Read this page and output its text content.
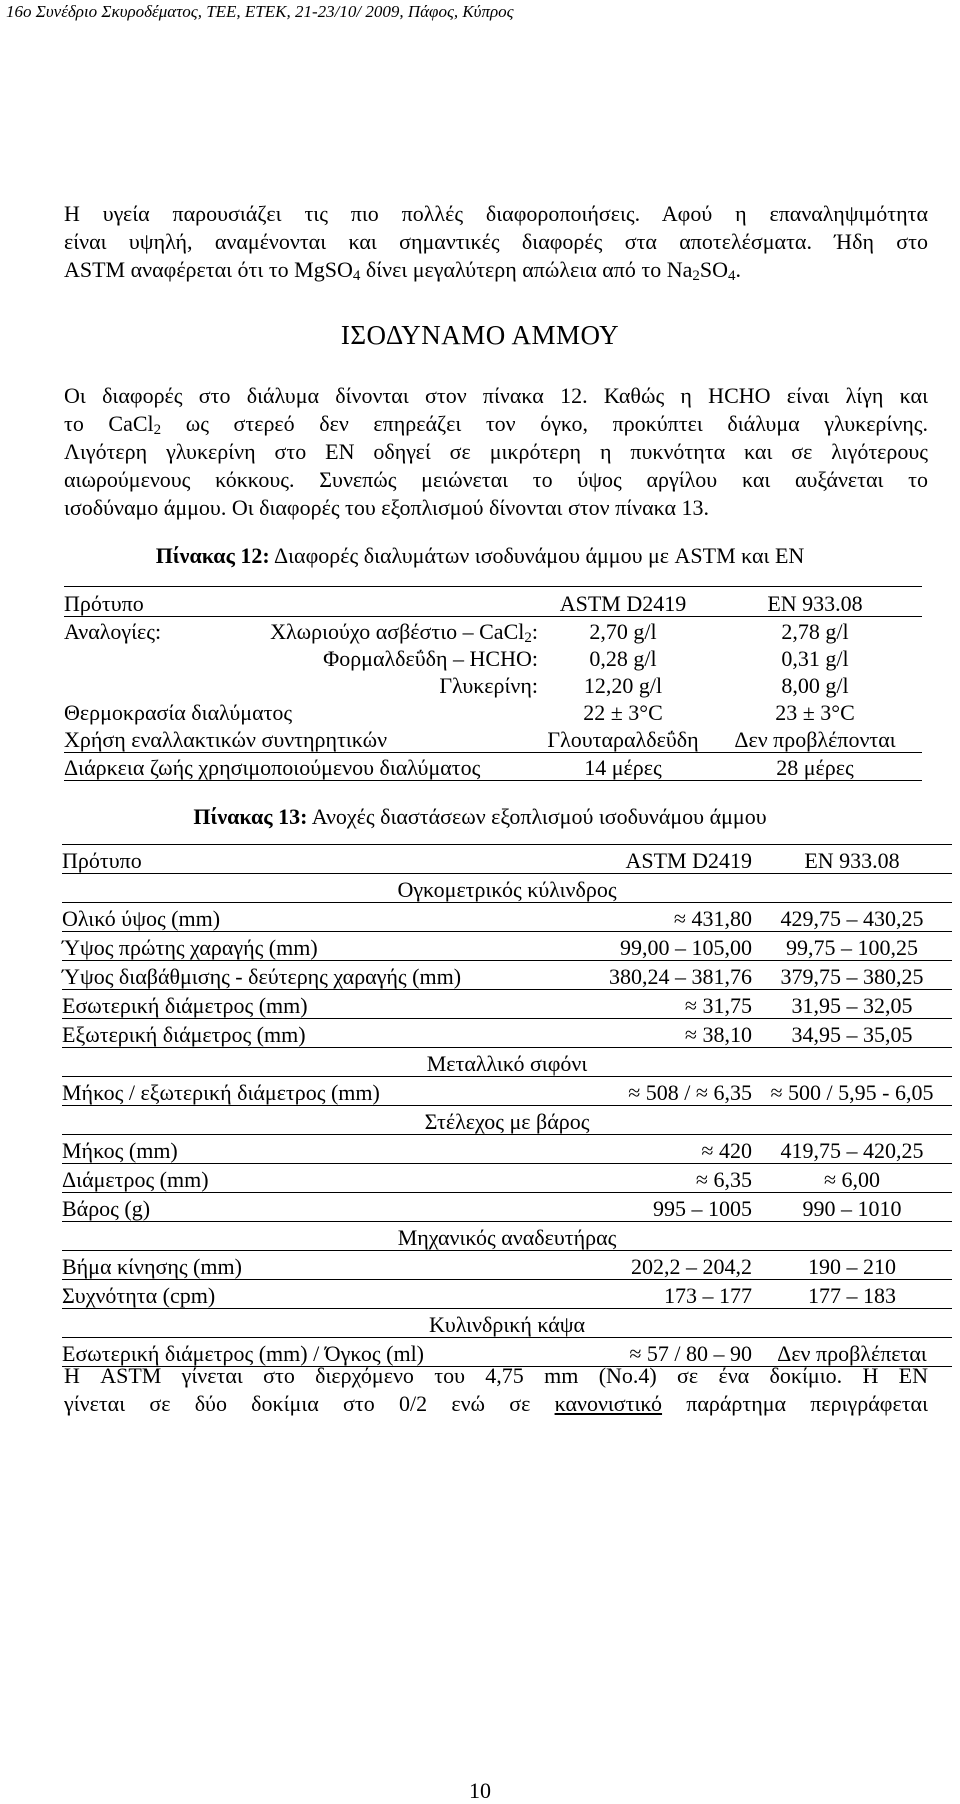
16ο Συνέδριο Σκυροδέματος, ΤΕΕ, ΕΤΕΚ, 21-23/10/ 2009, Πάφος, Κύπρος
Η υγεία παρουσιάζει τις πιο πολλές διαφοροποιήσεις. Αφού η επαναληψιμότητα
είναι υψηλή, αναμένονται και σημαντικές διαφορές στα αποτελέσματα. Ήδη στο
ASTM αναφέρεται ότι το MgSO$_4$ δίνει μεγαλύτερη απώλεια από το $Na_2SO_4$.
ΙΣΟΔΥΝΑΜΟ ΑΜΜΟΥ
Οι διαφορές στο διάλυμα δίνονται στον πίνακα 12. Καθώς η HCHO είναι λίγη και
το CaCl$_2$ ως στερεό δεν επηρεάζει τον όγκο, προκύπτει διάλυμα γλυκερίνης.
Λιγότερη γλυκερίνη στο EN οδηγεί σε μικρότερη η πυκνότητα και σε λιγότερους
αιωρούμενους κόκκους. Συνεπώς μειώνεται το ύψος αργίλου και αυξάνεται το
ισοδύναμο άμμου. Οι διαφορές του εξοπλισμού δίνονται στον πίνακα 13.
Πίνακας 12: Διαφορές διαλυμάτων ισοδυνάμου άμμου με ASTM και EN
Πρότυπο		ASTM D2419	EN 933.08
Αναλογίες:	Χλωριούχο ασβέστιο – CaCl$_2$:	2,70 g/l	2,78 g/l
	Φορμαλδεΰδη – HCHO:	0,28 g/l	0,31 g/l
	Γλυκερίνη:	12,20 g/l	8,00 g/l
Θερμοκρασία διαλύματος		22 ± 3°C	23 ± 3°C
Χρήση εναλλακτικών συντηρητικών		Γλουταραλδεΰδη	Δεν προβλέπονται
Διάρκεια ζωής χρησιμοποιούμενου διαλύματος		14 μέρες	28 μέρες
Πίνακας 13: Ανοχές διαστάσεων εξοπλισμού ισοδυνάμου άμμου
Πρότυπο	ASTM D2419	EN 933.08
Ογκομετρικός κύλινδρος		
Ολικό ύψος (mm)	≈ 431,80	429,75 – 430,25
Ύψος πρώτης χαραγής (mm)	99,00 – 105,00	99,75 – 100,25
Ύψος διαβάθμισης - δεύτερης χαραγής (mm)	380,24 – 381,76	379,75 – 380,25
Εσωτερική διάμετρος (mm)	≈ 31,75	31,95 – 32,05
Εξωτερική διάμετρος (mm)	≈ 38,10	34,95 – 35,05
Μεταλλικό σιφόνι		
Μήκος / εξωτερική διάμετρος (mm)	≈ 508 / ≈ 6,35	≈ 500 / 5,95 - 6,05
Στέλεχος με βάρος		
Μήκος (mm)	≈ 420	419,75 – 420,25
Διάμετρος (mm)	≈ 6,35	≈ 6,00
Βάρος (g)	995 – 1005	990 – 1010
Μηχανικός αναδευτήρας		
Βήμα κίνησης (mm)	202,2 – 204,2	190 – 210
Συχνότητα (cpm)	173 – 177	177 – 183
Κυλινδρική κάψα		
Εσωτερική διάμετρος (mm) / Όγκος (ml)	≈ 57 / 80 – 90	Δεν προβλέπεται
Η ASTM γίνεται στο διερχόμενο του 4,75 mm (No.4) σε ένα δοκίμιο. Η EN
γίνεται σε δύο δοκίμια στο 0/2 ενώ σε κανονιστικό παράρτημα περιγράφεται
10
